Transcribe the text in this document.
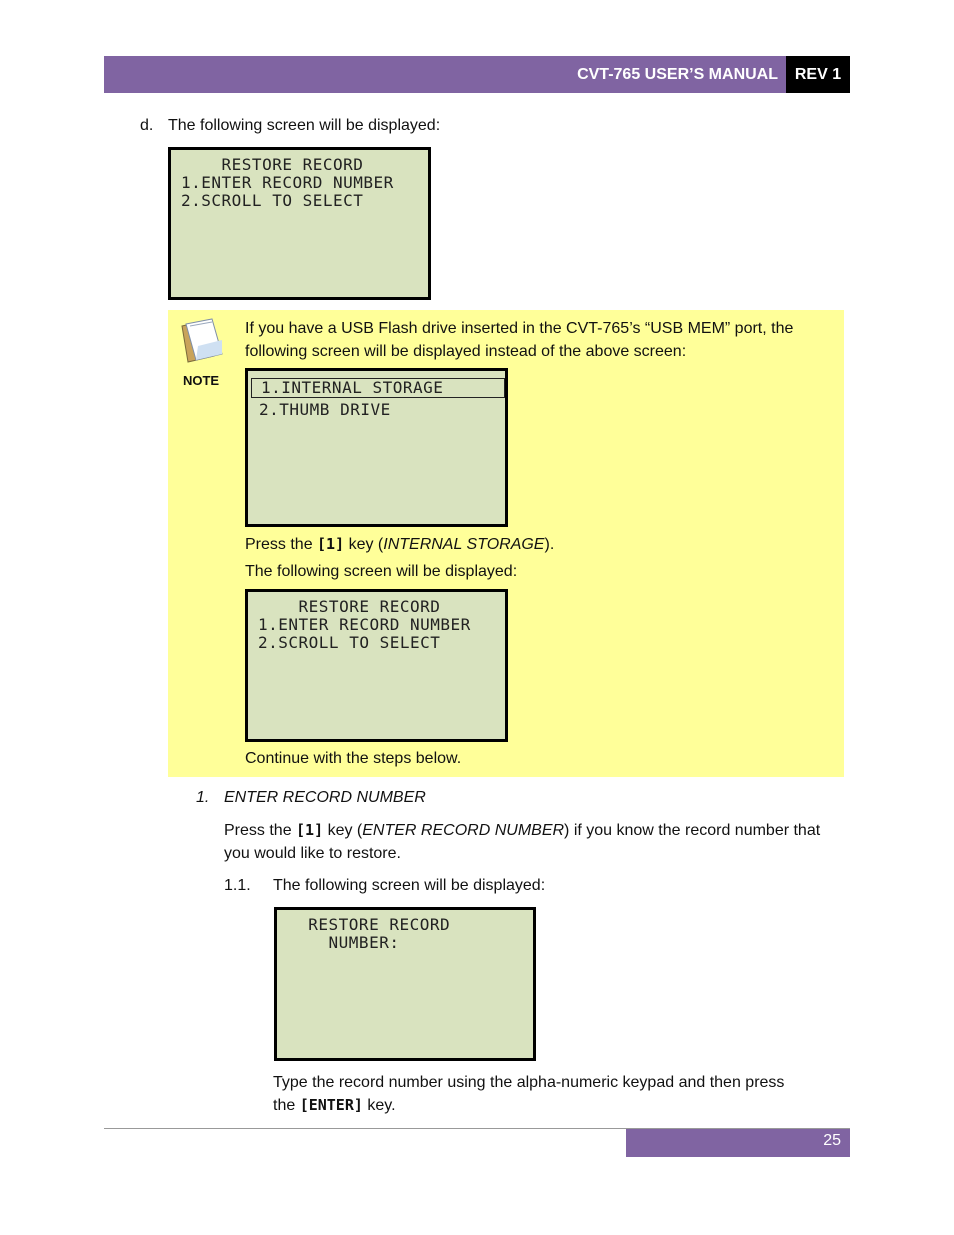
CVT-765 USER’S MANUAL	REV 1
d. The following screen will be displayed:
RESTORE RECORD
1.ENTER RECORD NUMBER
2.SCROLL TO SELECT
NOTE
If you have a USB Flash drive inserted in the CVT-765’s “USB MEM” port, the
following screen will be displayed instead of the above screen:
1.INTERNAL STORAGE
2.THUMB DRIVE
Press the [1] key (INTERNAL STORAGE).
The following screen will be displayed:
RESTORE RECORD
1.ENTER RECORD NUMBER
2.SCROLL TO SELECT
Continue with the steps below.
1. ENTER RECORD NUMBER
Press the [1] key (ENTER RECORD NUMBER) if you know the record number that
you would like to restore.
1.1. The following screen will be displayed:
RESTORE RECORD
NUMBER:
Type the record number using the alpha-numeric keypad and then press
the [ENTER] key.
25
